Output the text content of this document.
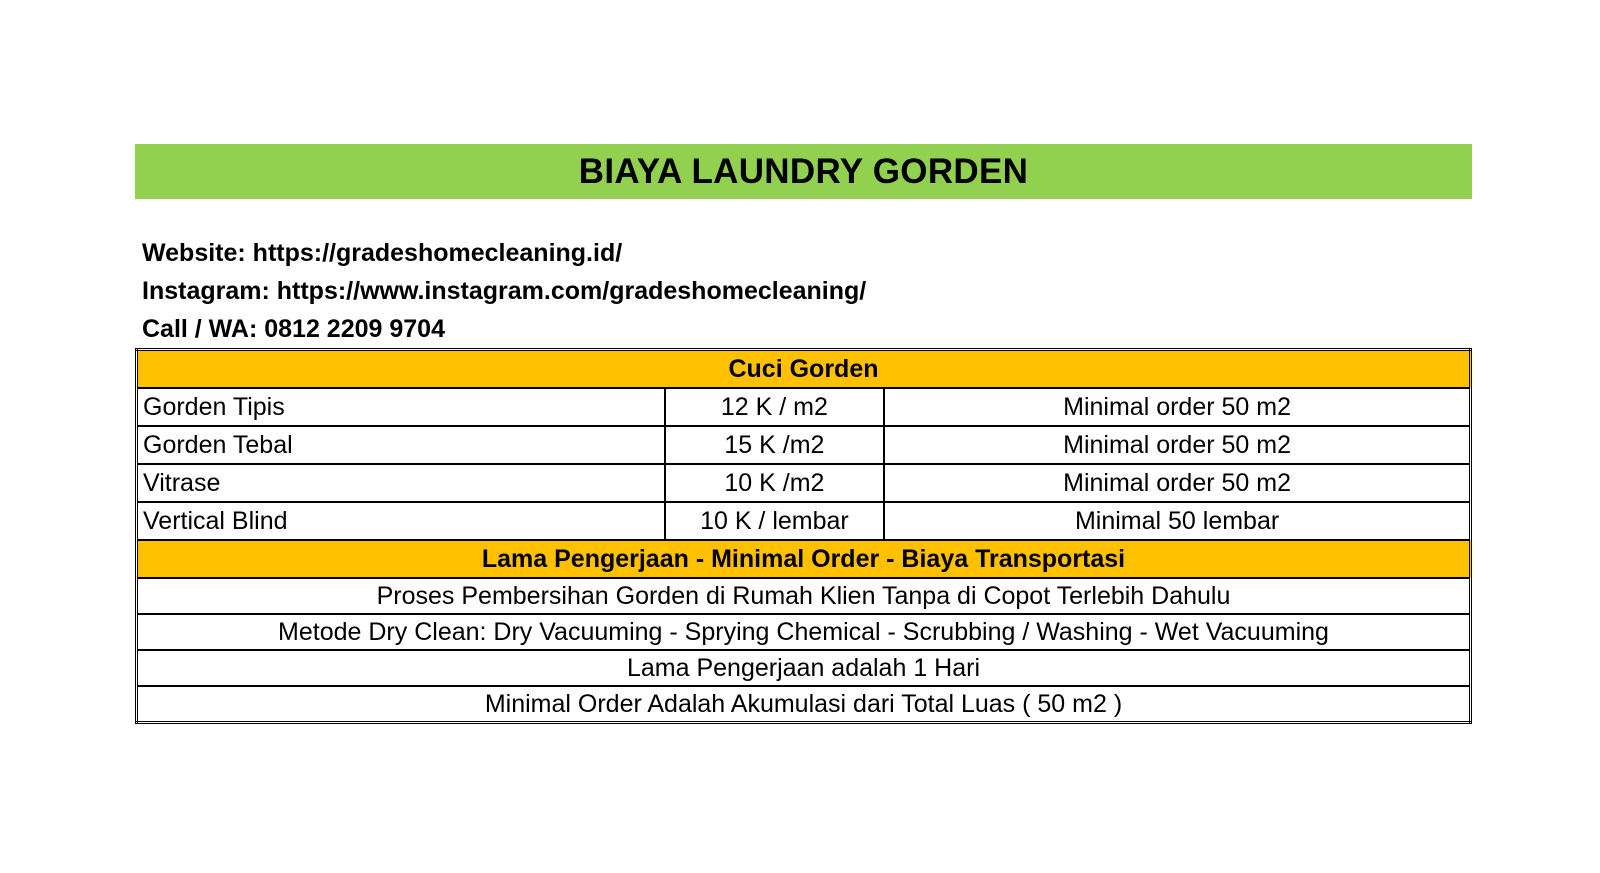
BIAYA LAUNDRY GORDEN
Website: https://gradeshomecleaning.id/
Instagram: https://www.instagram.com/gradeshomecleaning/
Call / WA: 0812 2209 9704
Cuci Gorden		
Gorden Tipis	12 K / m2	Minimal order 50 m2
Gorden Tebal	15 K /m2	Minimal order 50 m2
Vitrase	10 K /m2	Minimal order 50 m2
Vertical Blind	10 K / lembar	Minimal 50 lembar
Lama Pengerjaan - Minimal Order - Biaya Transportasi		
Proses Pembersihan Gorden di Rumah Klien Tanpa di Copot Terlebih Dahulu		
Metode Dry Clean: Dry Vacuuming - Sprying Chemical - Scrubbing / Washing - Wet Vacuuming		
Lama Pengerjaan adalah 1 Hari		
Minimal Order Adalah Akumulasi dari Total Luas ( 50 m2 )		
